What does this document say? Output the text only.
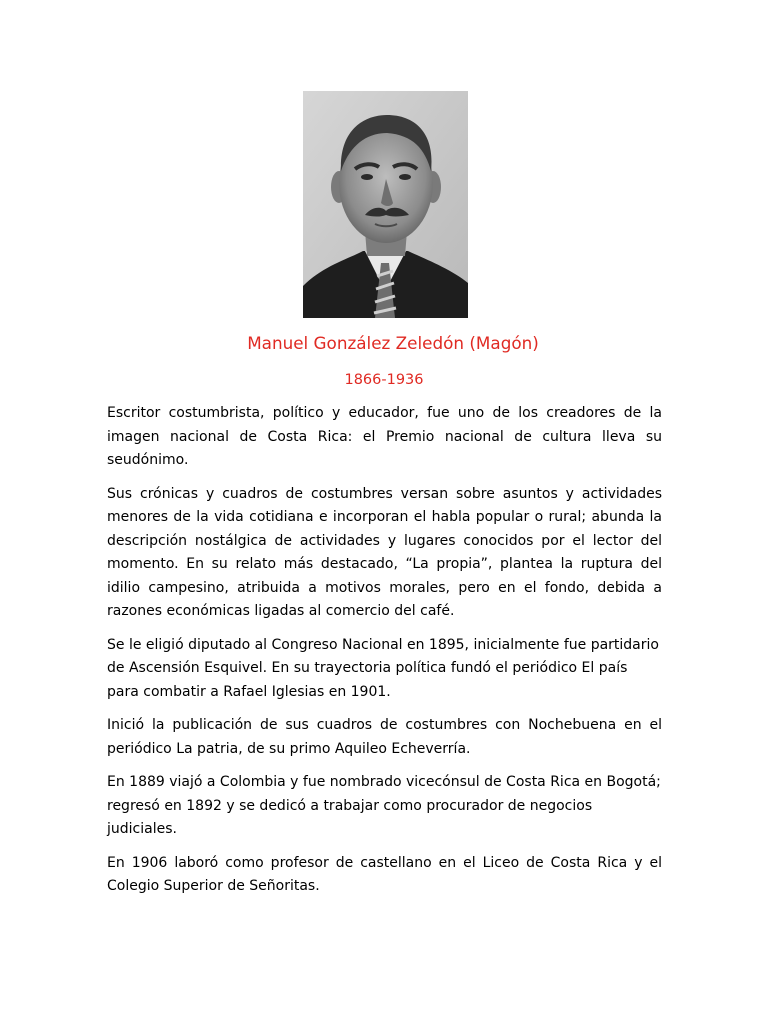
Manuel González Zeledón (Magón)
1866-1936

Escritor costumbrista, político y educador, fue uno de los creadores de la imagen nacional de Costa Rica: el Premio nacional de cultura lleva su seudónimo.

Sus crónicas y cuadros de costumbres versan sobre asuntos y actividades menores de la vida cotidiana e incorporan el habla popular o rural; abunda la descripción nostálgica de actividades y lugares conocidos por el lector del momento. En su relato más destacado, “La propia”, plantea la ruptura del idilio campesino, atribuida a motivos morales, pero en el fondo, debida a razones económicas ligadas al comercio del café.

Se le eligió diputado al Congreso Nacional en 1895, inicialmente fue partidario de Ascensión Esquivel. En su trayectoria política fundó el periódico El país para combatir a Rafael Iglesias en 1901.

Inició la publicación de sus cuadros de costumbres con Nochebuena en el periódico La patria, de su primo Aquileo Echeverría.

En 1889 viajó a Colombia y fue nombrado vicecónsul de Costa Rica en Bogotá; regresó en 1892 y se dedicó a trabajar como procurador de negocios judiciales.

En 1906 laboró como profesor de castellano en el Liceo de Costa Rica y el Colegio Superior de Señoritas.
